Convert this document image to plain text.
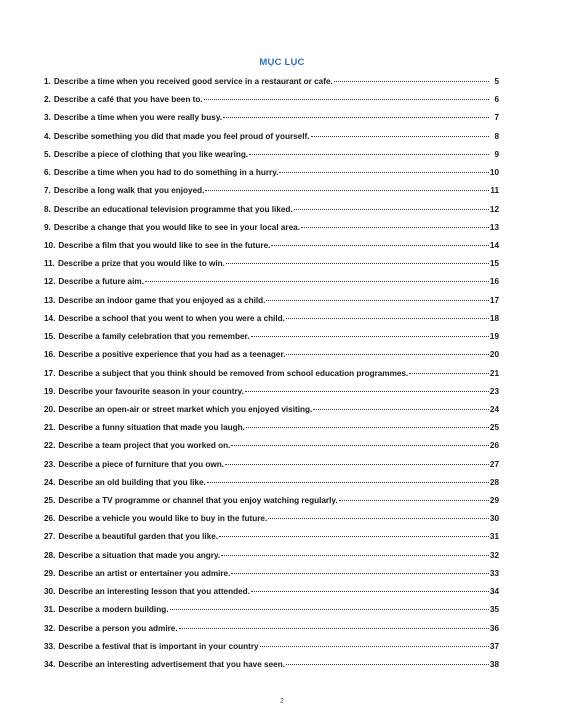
MỤC LỤC
1. Describe a time when you received good service in a restaurant or cafe.	5
2. Describe a café that you have been to.	6
3. Describe a time when you were really busy.	7
4. Describe something you did that made you feel proud of yourself.	8
5. Describe a piece of clothing that you like wearing.	9
6. Describe a time when you had to do something in a hurry.	10
7. Describe a long walk that you enjoyed.	11
8. Describe an educational television programme that you liked.	12
9. Describe a change that you would like to see in your local area.	13
10. Describe a film that you would like to see in the future.	14
11. Describe a prize that you would like to win.	15
12. Describe a future aim.	16
13. Describe an indoor game that you enjoyed as a child.	17
14. Describe a school that you went to when you were a child.	18
15. Describe a family celebration that you remember.	19
16. Describe a positive experience that you had as a teenager.	20
17. Describe a subject that you think should be removed from school education programmes.	21
19. Describe your favourite season in your country.	23
20. Describe an open-air or street market which you enjoyed visiting.	24
21. Describe a funny situation that made you laugh.	25
22. Describe a team project that you worked on.	26
23. Describe a piece of furniture that you own.	27
24. Describe an old building that you like.	28
25. Describe a TV programme or channel that you enjoy watching regularly.	29
26. Describe a vehicle you would like to buy in the future.	30
27. Describe a beautiful garden that you like.	31
28. Describe a situation that made you angry.	32
29. Describe an artist or entertainer you admire.	33
30. Describe an interesting lesson that you attended.	34
31. Describe a modern building.	35
32. Describe a person you admire.	36
33. Describe a festival that is important in your country	37
34. Describe an interesting advertisement that you have seen.	38
2
